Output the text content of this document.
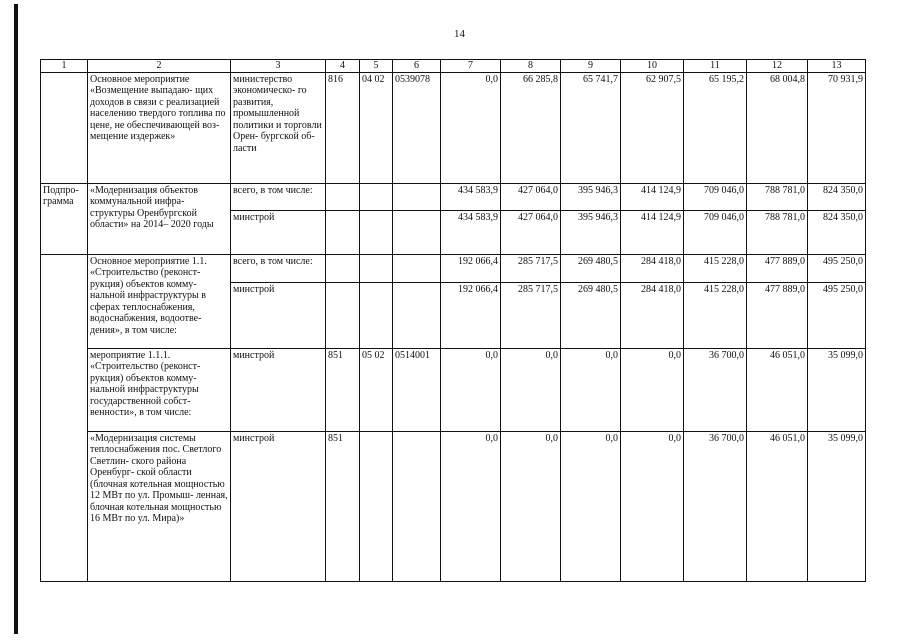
14
1	2	3	4	5	6	7	8	9	10	11	12	13
	Основное мероприятие «Возмещение выпадаю- щих доходов в связи с реализацией населению твердого топлива по цене, не обеспечивающей воз- мещение издержек»	министерство экономическо- го развития, промышленной политики и торговли Орен- бургской об- ласти	816	04 02	0539078	0,0	66 285,8	65 741,7	62 907,5	65 195,2	68 004,8	70 931,9
Подпро- грамма	«Модернизация объектов коммунальной инфра- структуры Оренбургской области» на 2014– 2020 годы	всего, в том числе:				434 583,9	427 064,0	395 946,3	414 124,9	709 046,0	788 781,0	824 350,0
		минстрой				434 583,9	427 064,0	395 946,3	414 124,9	709 046,0	788 781,0	824 350,0
	Основное мероприятие 1.1. «Строительство (реконст- рукция) объектов комму- нальной инфраструктуры в сферах теплоснабжения, водоснабжения, водоотве- дения», в том числе:	всего, в том числе:				192 066,4	285 717,5	269 480,5	284 418,0	415 228,0	477 889,0	495 250,0
		минстрой				192 066,4	285 717,5	269 480,5	284 418,0	415 228,0	477 889,0	495 250,0
	мероприятие 1.1.1. «Строительство (реконст- рукция) объектов комму- нальной инфраструктуры государственной собст- венности», в том числе:	минстрой	851	05 02	0514001	0,0	0,0	0,0	0,0	36 700,0	46 051,0	35 099,0
	«Модернизация системы теплоснабжения пос. Светлого Светлин- ского района Оренбург- ской области (блочная котельная мощностью 12 МВт по ул. Промыш- ленная, блочная котельная мощностью 16 МВт по ул. Мира)»	минстрой	851			0,0	0,0	0,0	0,0	36 700,0	46 051,0	35 099,0
